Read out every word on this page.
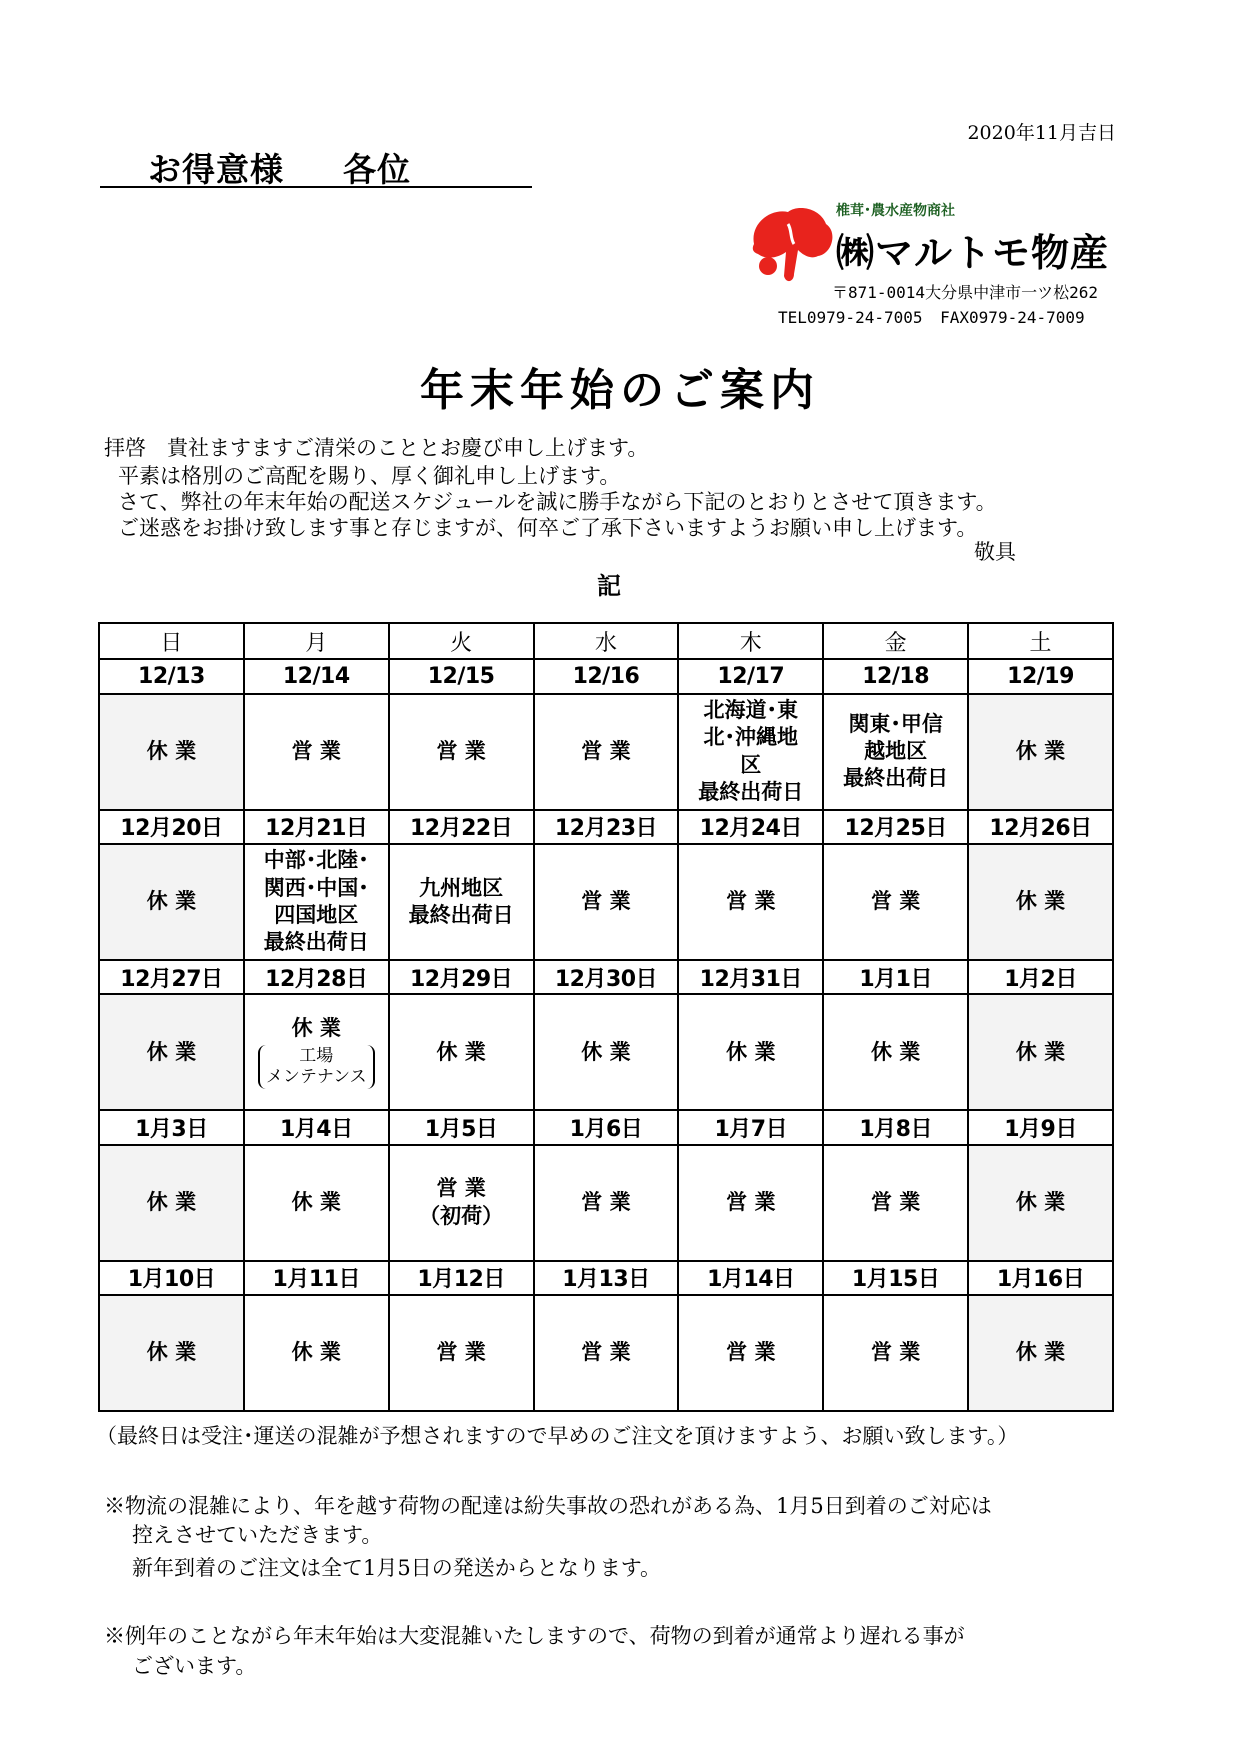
2020年11月吉日
お得意様 各位
椎茸･農水産物商社
㈱マルトモ物産
〒871-0014大分県中津市一ツ松262
TEL0979-24-7005 FAX0979-24-7009
年末年始のご案内
拝啓　貴社ますますご清栄のこととお慶び申し上げます。
平素は格別のご高配を賜り、厚く御礼申し上げます。
さて、弊社の年末年始の配送スケジュールを誠に勝手ながら下記のとおりとさせて頂きます。
ご迷惑をお掛け致します事と存じますが、何卒ご了承下さいますようお願い申し上げます。
敬具
記
日	月	火	水	木	金	土
12/13	12/14	12/15	12/16	12/17	12/18	12/19
休 業	営 業	営 業	営 業	北海道･東
北･沖縄地
区
最終出荷日	関東･甲信
越地区
最終出荷日	休 業
12月20日	12月21日	12月22日	12月23日	12月24日	12月25日	12月26日
休 業	中部･北陸･
関西･中国･
四国地区
最終出荷日	九州地区
最終出荷日	営 業	営 業	営 業	休 業
12月27日	12月28日	12月29日	12月30日	12月31日	1月1日	1月2日
休 業	休 業
工場
メンテナンス	休 業	休 業	休 業	休 業	休 業
1月3日	1月4日	1月5日	1月6日	1月7日	1月8日	1月9日
休 業	休 業	営 業
（初荷）	営 業	営 業	営 業	休 業
1月10日	1月11日	1月12日	1月13日	1月14日	1月15日	1月16日
休 業	休 業	営 業	営 業	営 業	営 業	休 業
（最終日は受注･運送の混雑が予想されますので早めのご注文を頂けますよう、お願い致します。）
※物流の混雑により、年を越す荷物の配達は紛失事故の恐れがある為、1月5日到着のご対応は
控えさせていただきます。
新年到着のご注文は全て1月5日の発送からとなります。
※例年のことながら年末年始は大変混雑いたしますので、荷物の到着が通常より遅れる事が
ございます。
